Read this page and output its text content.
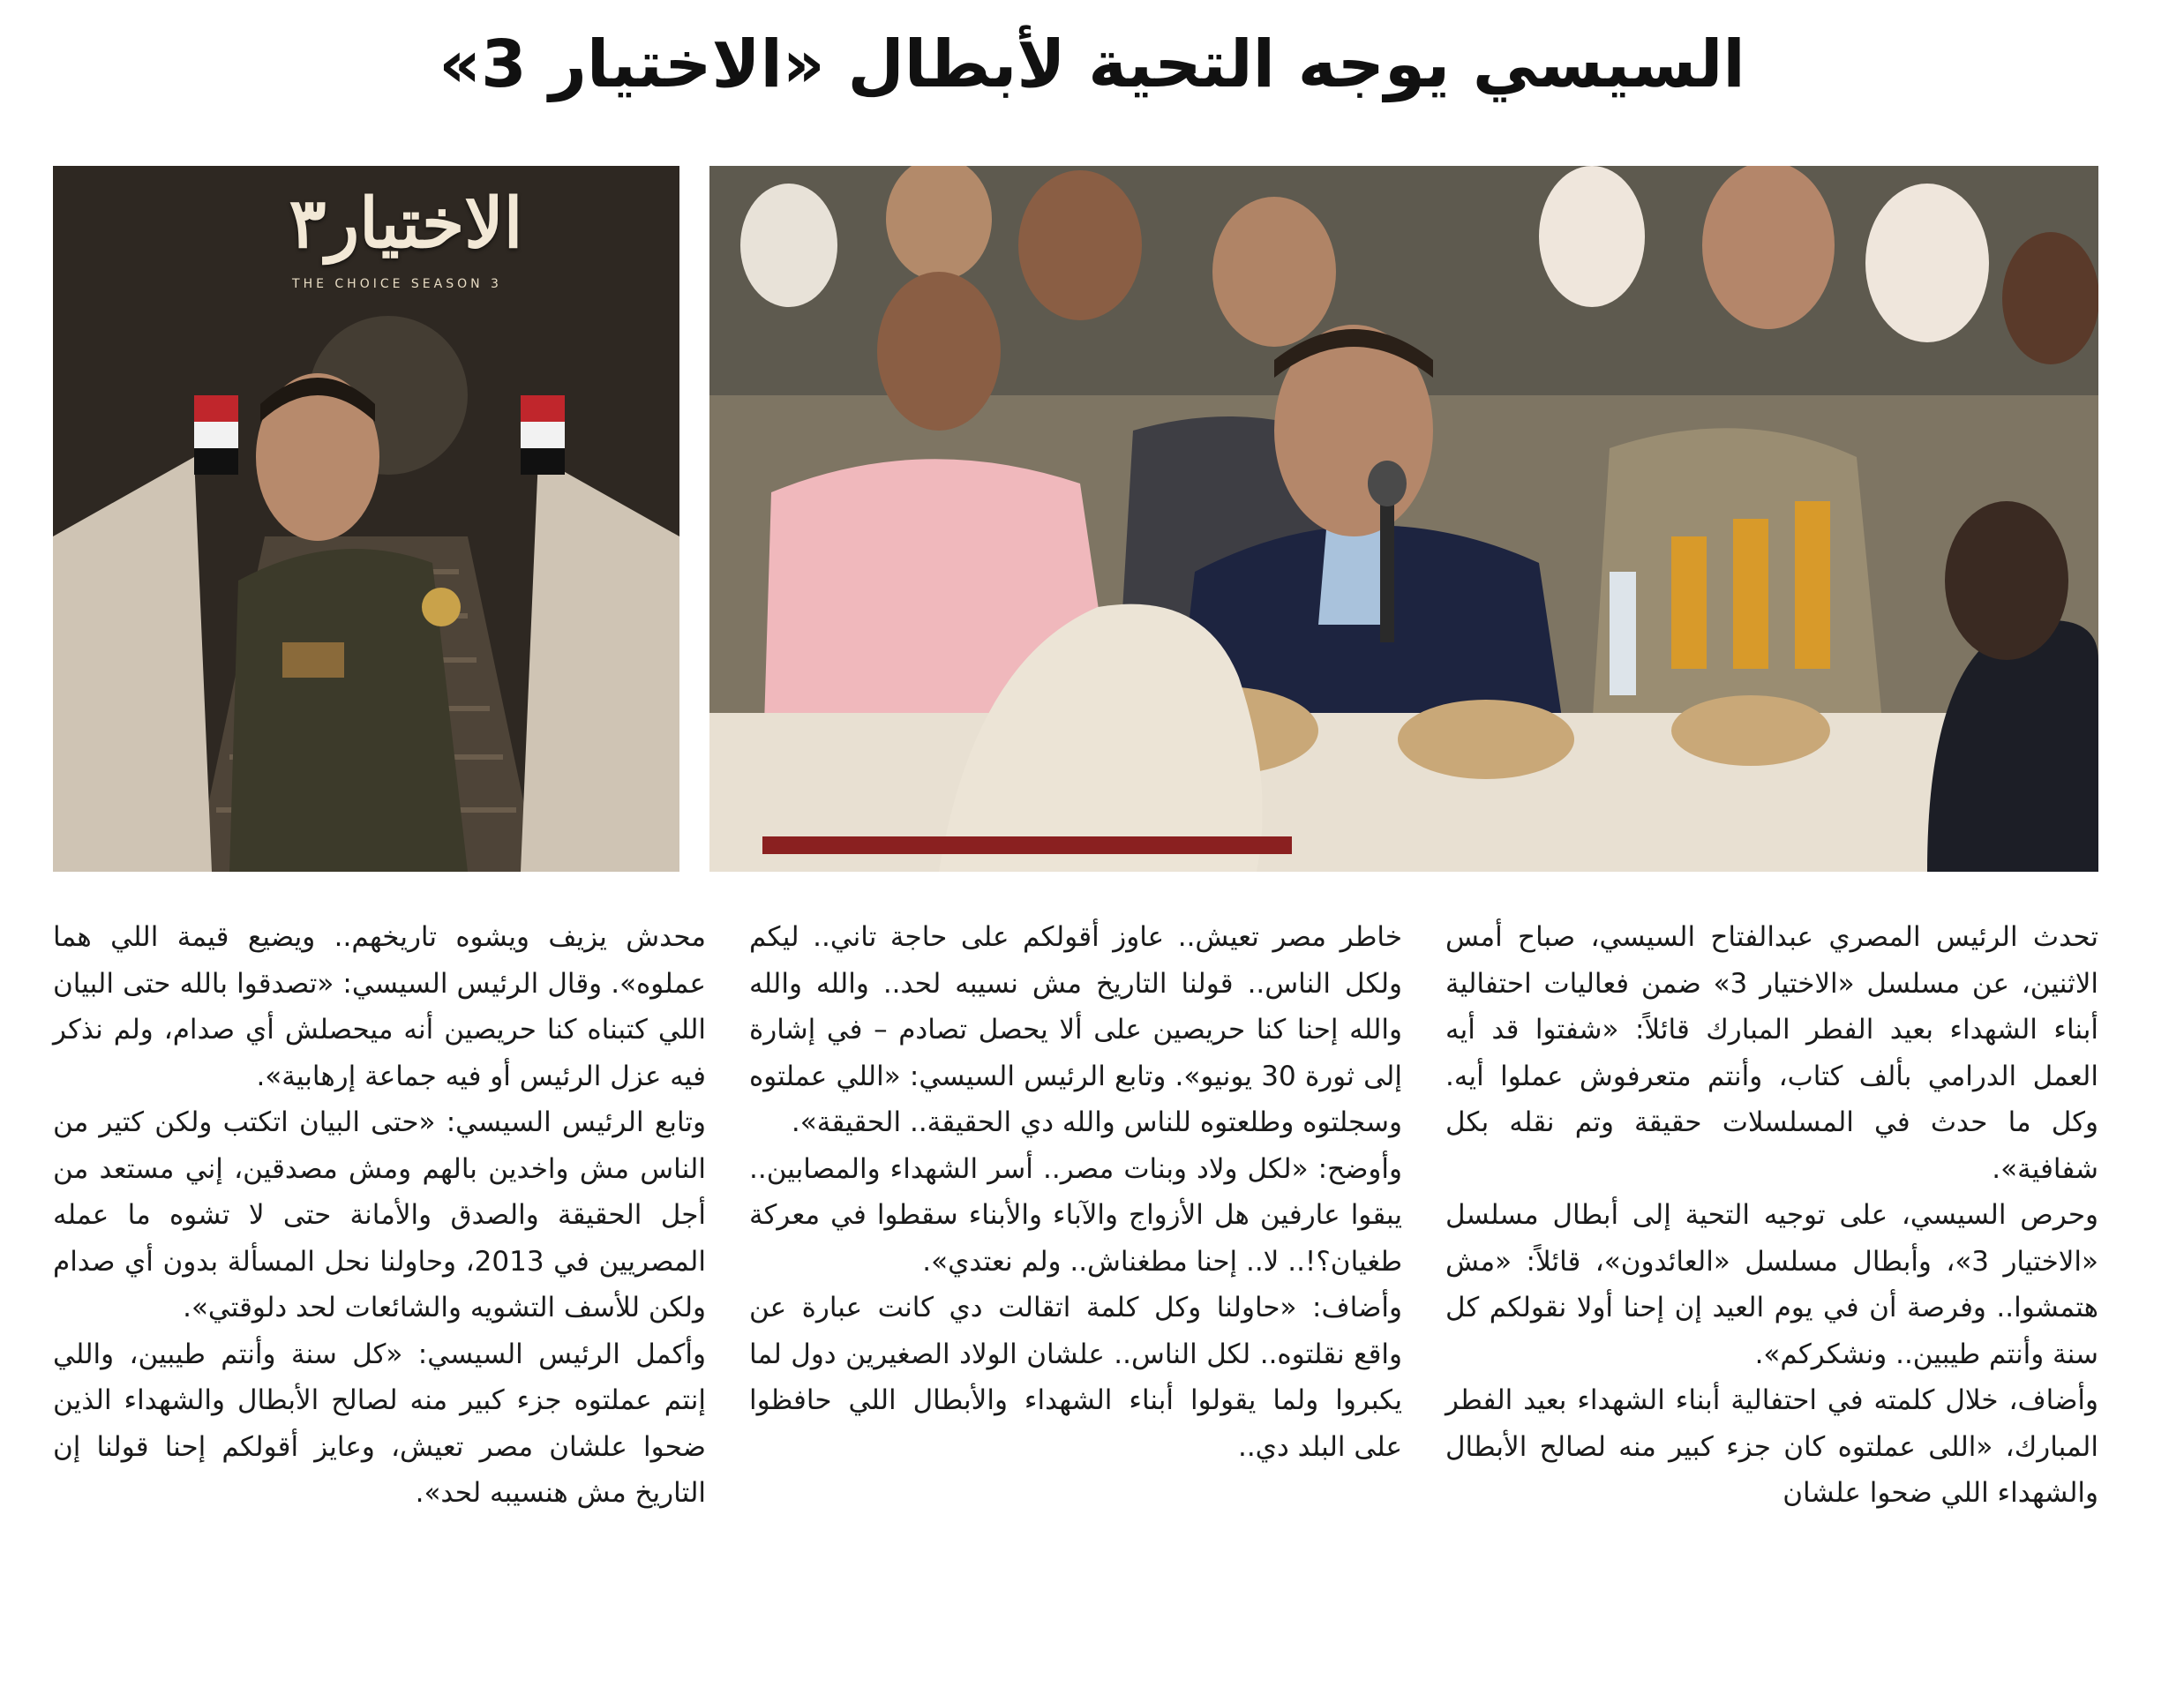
السيسي يوجه التحية لأبطال «الاختيار 3»
الاختيار٣
THE CHOICE SEASON 3

تحدث الرئيس المصري عبدالفتاح السيسي، صباح أمس الاثنين، عن مسلسل «الاختيار 3» ضمن فعاليات احتفالية أبناء الشهداء بعيد الفطر المبارك قائلاً: «شفتوا قد أيه العمل الدرامي بألف كتاب، وأنتم متعرفوش عملوا أيه. وكل ما حدث في المسلسلات حقيقة وتم نقله بكل شفافية».

وحرص السيسي، على توجيه التحية إلى أبطال مسلسل «الاختيار 3»، وأبطال مسلسل «العائدون»، قائلاً: «مش هتمشوا.. وفرصة أن في يوم العيد إن إحنا أولا نقولكم كل سنة وأنتم طيبين.. ونشكركم».

وأضاف، خلال كلمته في احتفالية أبناء الشهداء بعيد الفطر المبارك، «اللى عملتوه كان جزء كبير منه لصالح الأبطال والشهداء اللي ضحوا علشان

خاطر مصر تعيش.. عاوز أقولكم على حاجة تاني.. ليكم ولكل الناس.. قولنا التاريخ مش نسيبه لحد.. والله والله والله إحنا كنا حريصين على ألا يحصل تصادم – في إشارة إلى ثورة 30 يونيو». وتابع الرئيس السيسي: «اللي عملتوه وسجلتوه وطلعتوه للناس والله دي الحقيقة.. الحقيقة».

وأوضح: «لكل ولاد وبنات مصر.. أسر الشهداء والمصابين.. يبقوا عارفين هل الأزواج والآباء والأبناء سقطوا في معركة طغيان؟!.. لا.. إحنا مطغناش.. ولم نعتدي».

وأضاف: «حاولنا وكل كلمة اتقالت دي كانت عبارة عن واقع نقلتوه.. لكل الناس.. علشان الولاد الصغيرين دول لما يكبروا ولما يقولوا أبناء الشهداء والأبطال اللي حافظوا على البلد دي..

محدش يزيف ويشوه تاريخهم.. ويضيع قيمة اللي هما عملوه». وقال الرئيس السيسي: «تصدقوا بالله حتى البيان اللي كتبناه كنا حريصين أنه ميحصلش أي صدام، ولم نذكر فيه عزل الرئيس أو فيه جماعة إرهابية».

وتابع الرئيس السيسي: «حتى البيان اتكتب ولكن كتير من الناس مش واخدين بالهم ومش مصدقين، إني مستعد من أجل الحقيقة والصدق والأمانة حتى لا تشوه ما عمله المصريين في 2013، وحاولنا نحل المسألة بدون أي صدام ولكن للأسف التشويه والشائعات لحد دلوقتي».

وأكمل الرئيس السيسي: «كل سنة وأنتم طيبين، واللي إنتم عملتوه جزء كبير منه لصالح الأبطال والشهداء الذين ضحوا علشان مصر تعيش، وعايز أقولكم إحنا قولنا إن التاريخ مش هنسيبه لحد».
